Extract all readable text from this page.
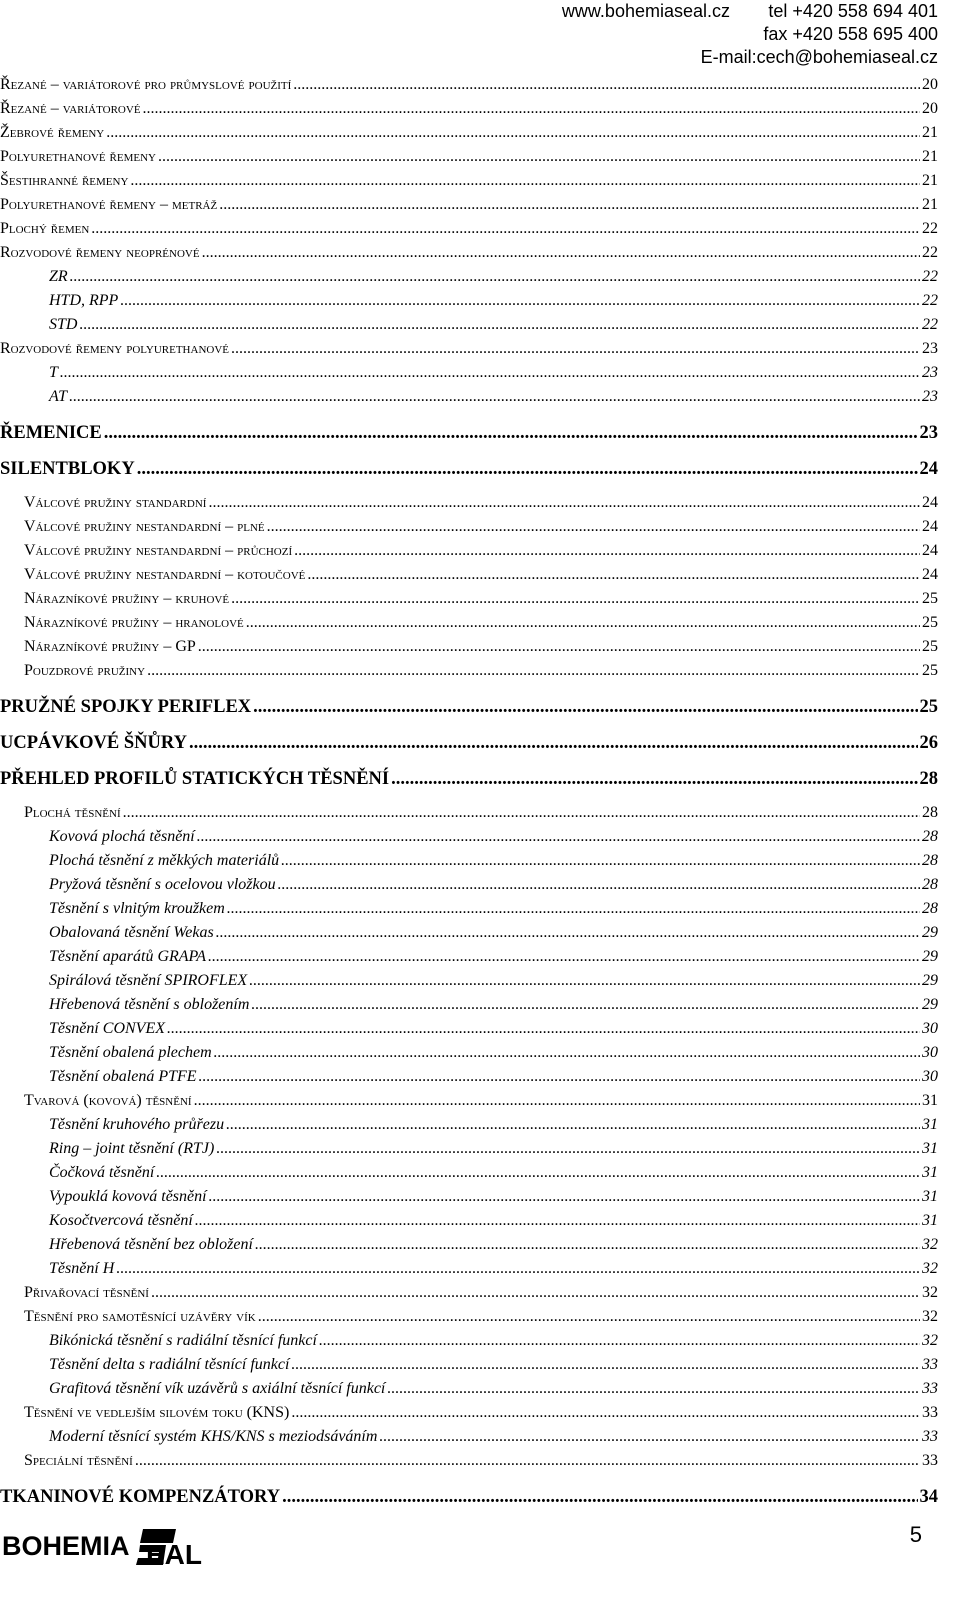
www.bohemiaseal.cz tel +420 558 694 401
fax +420 558 695 400
E-mail:cech@bohemiaseal.cz
Řezané – variátorové pro průmyslové použití .....	20
Řezané – variátorové .....	20
Žebrové řemeny .....	21
Polyurethanové řemeny .....	21
Šestihranné řemeny .....	21
Polyurethanové řemeny – metráž .....	21
Plochý řemen .....	22
Rozvodové řemeny neoprénové .....	22
ZR .....	22
HTD, RPP .....	22
STD .....	22
Rozvodové řemeny polyurethanové .....	23
T .....	23
AT .....	23
ŘEMENICE .....	23
SILENTBLOKY .....	24
Válcové pružiny standardní .....	24
Válcové pružiny nestandardní – plné .....	24
Válcové pružiny nestandardní – průchozí .....	24
Válcové pružiny nestandardní – kotoučové .....	24
Nárazníkové pružiny – kruhové .....	25
Nárazníkové pružiny – hranolové .....	25
Nárazníkové pružiny – GP .....	25
Pouzdrové pružiny .....	25
PRUŽNÉ SPOJKY PERIFLEX .....	25
UCPÁVKOVÉ ŠŇŮRY .....	26
PŘEHLED PROFILŮ STATICKÝCH TĚSNĚNÍ .....	28
Plochá těsnění .....	28
Kovová plochá těsnění .....	28
Plochá těsnění z měkkých materiálů .....	28
Pryžová těsnění s ocelovou vložkou .....	28
Těsnění s vlnitým kroužkem .....	28
Obalovaná těsnění Wekas .....	29
Těsnění aparátů GRAPA .....	29
Spirálová těsnění SPIROFLEX .....	29
Hřebenová těsnění s obložením .....	29
Těsnění CONVEX .....	30
Těsnění obalená plechem .....	30
Těsnění obalená PTFE .....	30
Tvarová (kovová) těsnění .....	31
Těsnění kruhového průřezu .....	31
Ring – joint těsnění (RTJ) .....	31
Čočková těsnění .....	31
Vypouklá kovová těsnění .....	31
Kosočtvercová těsnění .....	31
Hřebenová těsnění bez obložení .....	32
Těsnění H .....	32
Přivařovací těsnění .....	32
Těsnění pro samotěsnící uzávěry vík .....	32
Bikónická těsnění s radiální těsnící funkcí .....	32
Těsnění delta s radiální těsnící funkcí .....	33
Grafitová těsnění vík uzávěrů s axiální těsnící funkcí .....	33
Těsnění ve vedlejším silovém toku (KNS) .....	33
Moderní těsnící systém KHS/KNS s meziodsáváním .....	33
Speciální těsnění .....	33
TKANINOVÉ KOMPENZÁTORY .....	34
BOHEMIA EAL
5
